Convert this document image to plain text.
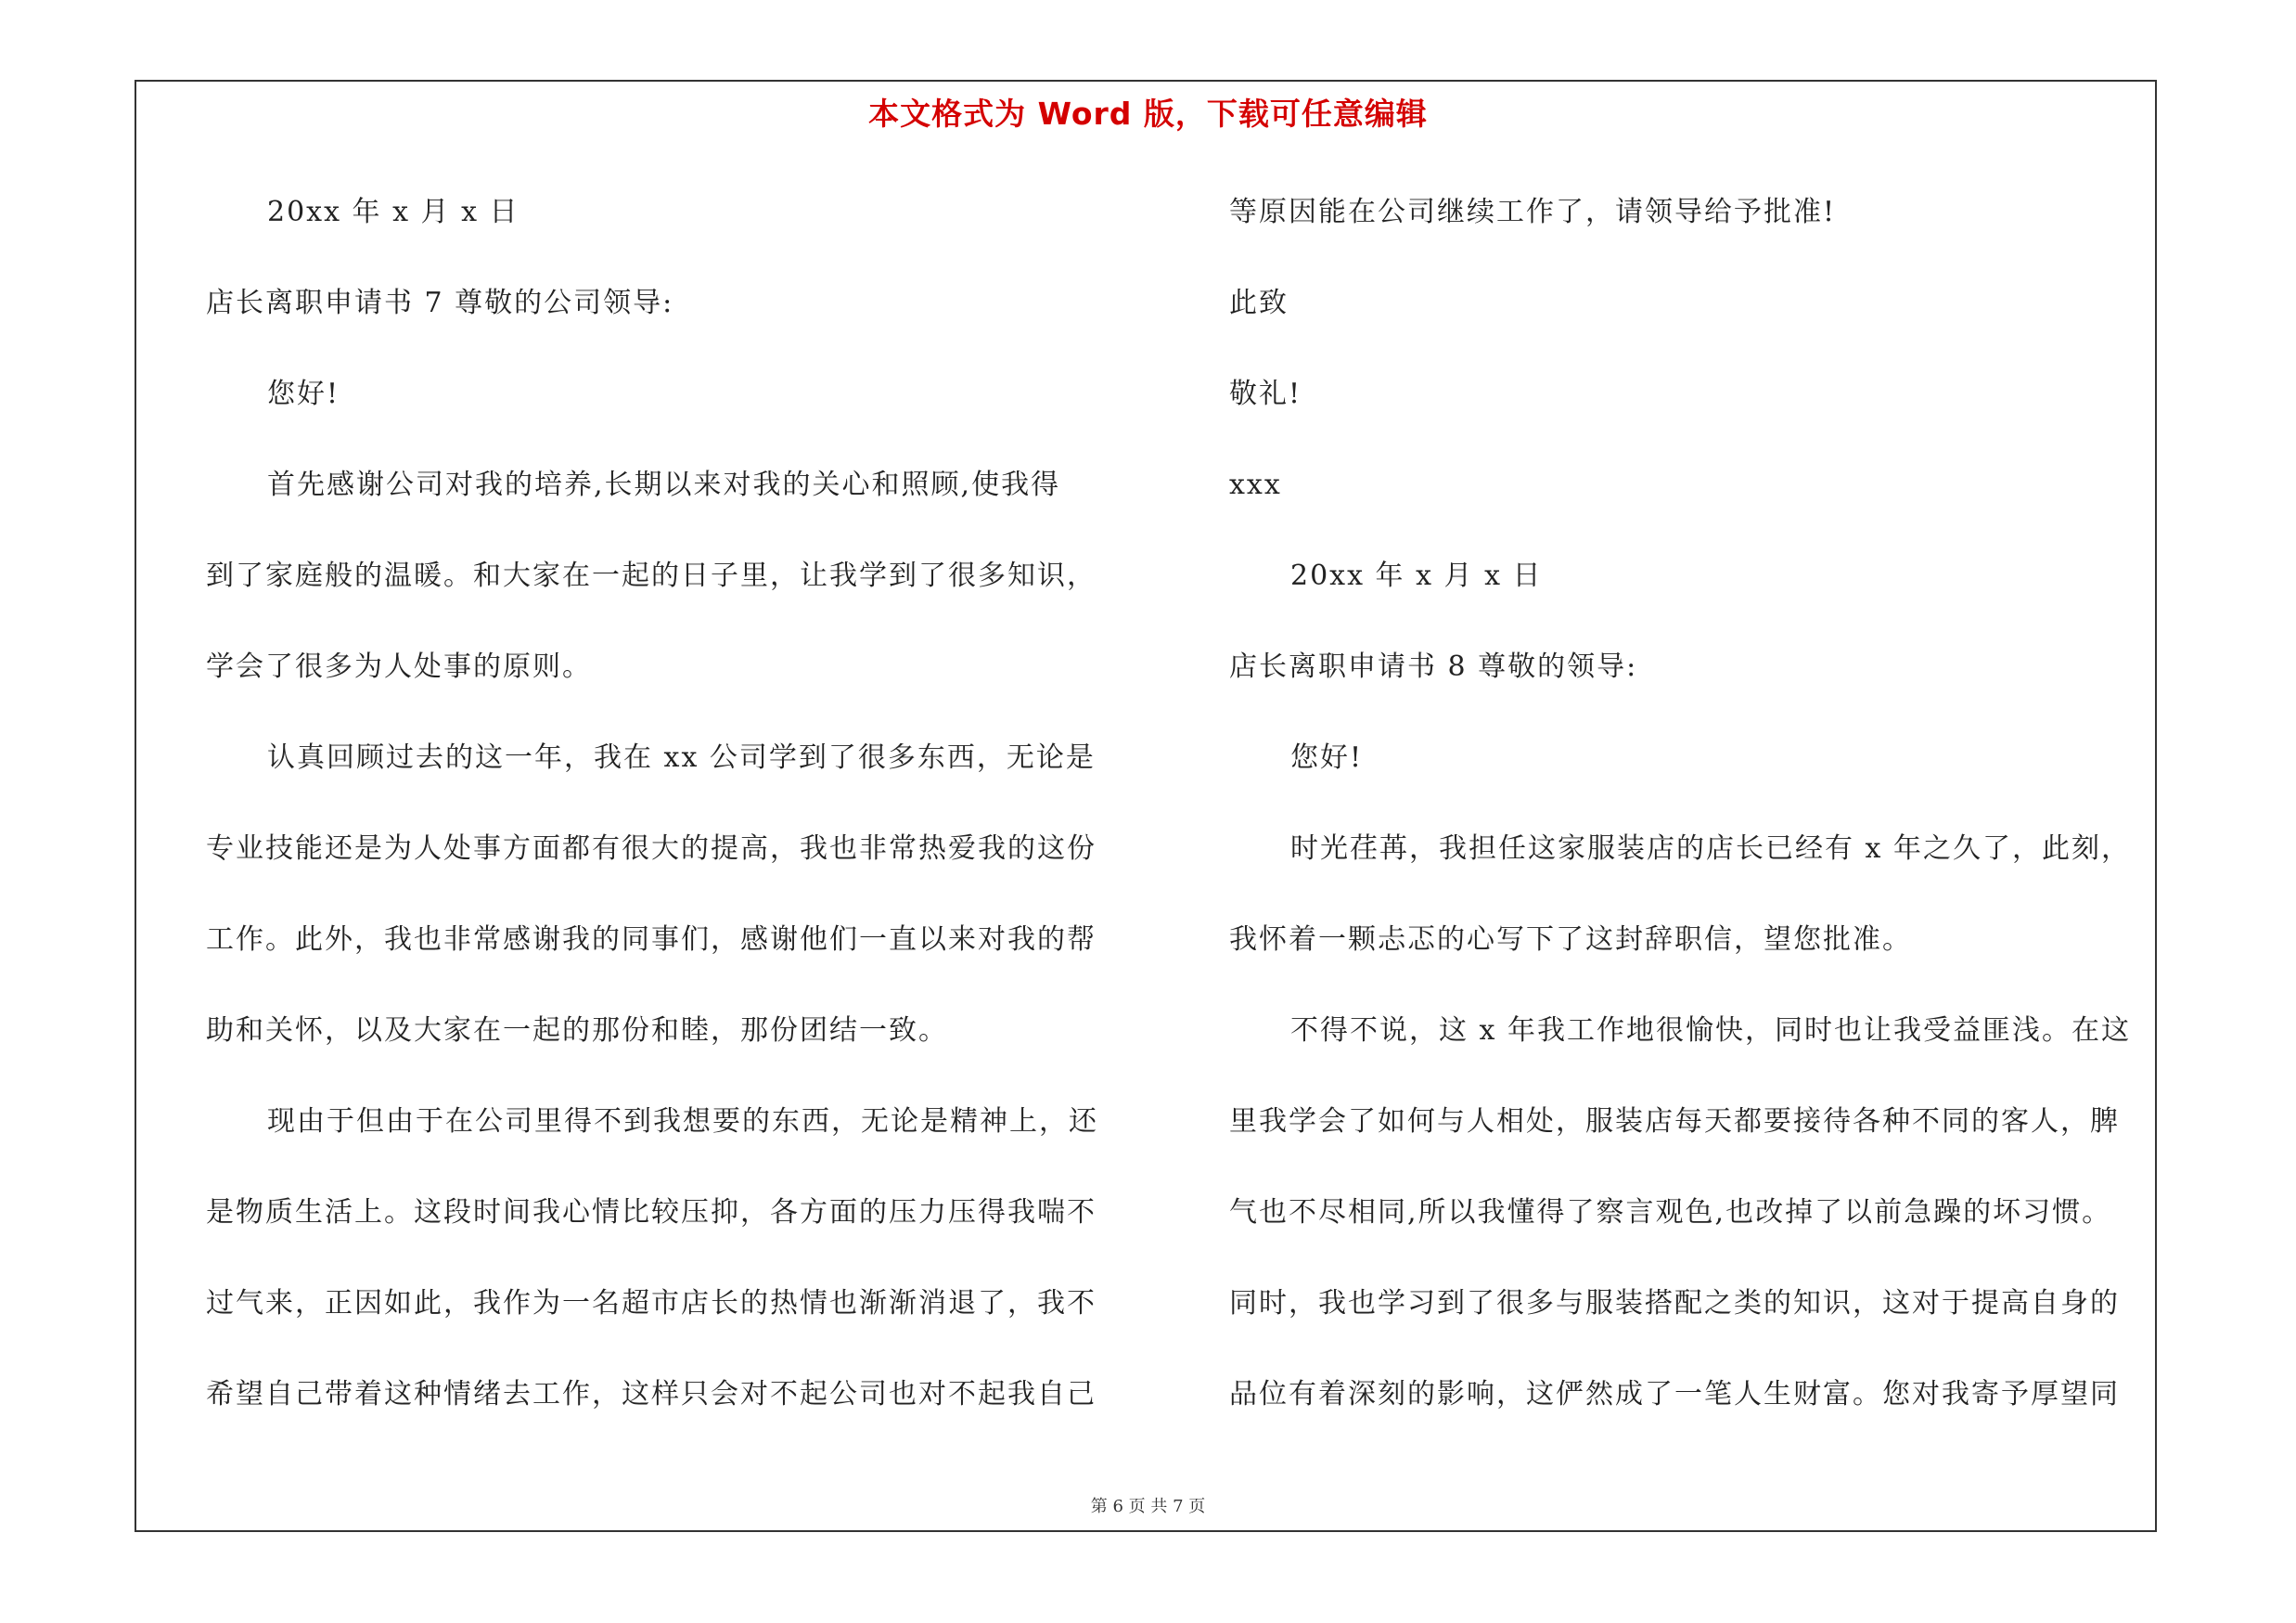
本文格式为 Word 版，下载可任意编辑
20xx 年 x 月 x 日
店长离职申请书 7 尊敬的公司领导:
您好!
首先感谢公司对我的培养,长期以来对我的关心和照顾,使我得
到了家庭般的温暖。和大家在一起的日子里，让我学到了很多知识，
学会了很多为人处事的原则。
认真回顾过去的这一年，我在 xx 公司学到了很多东西，无论是
专业技能还是为人处事方面都有很大的提高，我也非常热爱我的这份
工作。此外，我也非常感谢我的同事们，感谢他们一直以来对我的帮
助和关怀，以及大家在一起的那份和睦，那份团结一致。
现由于但由于在公司里得不到我想要的东西，无论是精神上，还
是物质生活上。这段时间我心情比较压抑，各方面的压力压得我喘不
过气来，正因如此，我作为一名超市店长的热情也渐渐消退了，我不
希望自己带着这种情绪去工作，这样只会对不起公司也对不起我自己
等原因能在公司继续工作了，请领导给予批准!
此致
敬礼!
xxx
20xx 年 x 月 x 日
店长离职申请书 8 尊敬的领导:
您好!
时光荏苒，我担任这家服装店的店长已经有 x 年之久了，此刻，
我怀着一颗忐忑的心写下了这封辞职信，望您批准。
不得不说，这 x 年我工作地很愉快，同时也让我受益匪浅。在这
里我学会了如何与人相处，服装店每天都要接待各种不同的客人，脾
气也不尽相同,所以我懂得了察言观色,也改掉了以前急躁的坏习惯。
同时，我也学习到了很多与服装搭配之类的知识，这对于提高自身的
品位有着深刻的影响，这俨然成了一笔人生财富。您对我寄予厚望同
第 6 页 共 7 页
